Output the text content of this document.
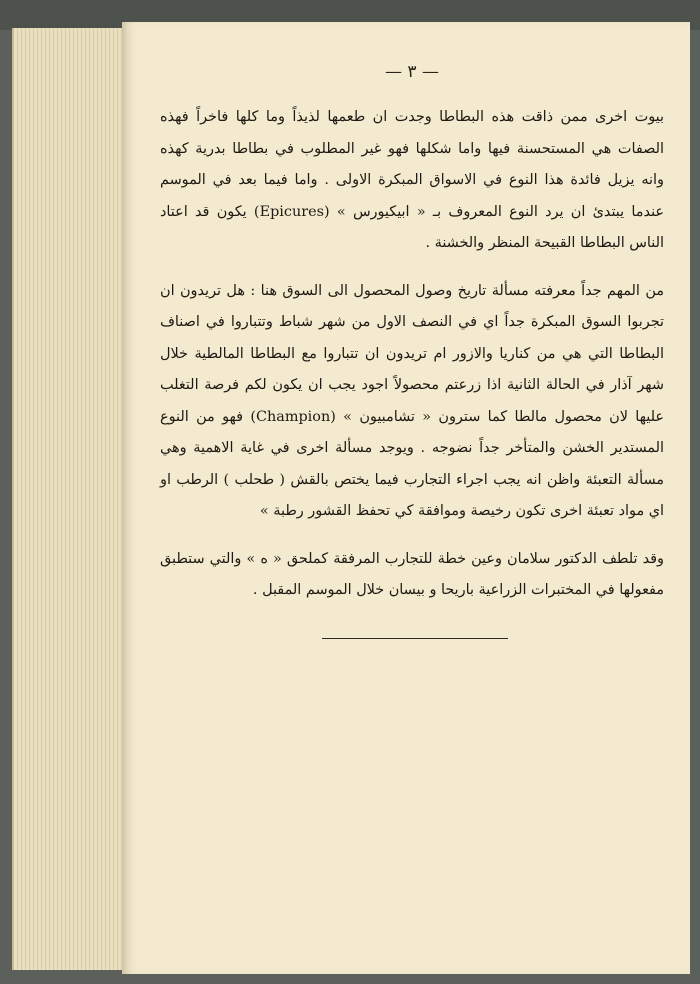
— ٣ —

بيوت اخرى ممن ذاقت هذه البطاطا وجدت ان طعمها لذيذاً وما كلها فاخراً فهذه الصفات هي المستحسنة فيها واما شكلها فهو غير المطلوب في بطاطا بدرية كهذه وانه يزيل فائدة هذا النوع في الاسواق المبكرة الاولى . واما فيما بعد في الموسم عندما يبتدئ ان يرد النوع المعروف بـ « ابيكيورس » (Epicures) يكون قد اعتاد الناس البطاطا القبيحة المنظر والخشنة .

من المهم جداً معرفته مسألة تاريخ وصول المحصول الى السوق هنا : هل تريدون ان تجربوا السوق المبكرة جداً اي في النصف الاول من شهر شباط وتتباروا في اصناف البطاطا التي هي من كناريا والازور ام تريدون ان تتباروا مع البطاطا المالطية خلال شهر آذار في الحالة الثانية اذا زرعتم محصولاً اجود يجب ان يكون لكم فرصة التغلب عليها لان محصول مالطا كما سترون « تشامبيون » (Champion) فهو من النوع المستدير الخشن والمتأخر جداً نضوجه . ويوجد مسألة اخرى في غاية الاهمية وهي مسألة التعبئة واظن انه يجب اجراء التجارب فيما يختص بالقش ( طحلب ) الرطب او اي مواد تعبئة اخرى تكون رخيصة وموافقة كي تحفظ القشور رطبة »

وقد تلطف الدكتور سلامان وعين خطة للتجارب المرفقة كملحق « ه » والتي ستطبق مفعولها في المختبرات الزراعية باريحا و بيسان خلال الموسم المقبل .
